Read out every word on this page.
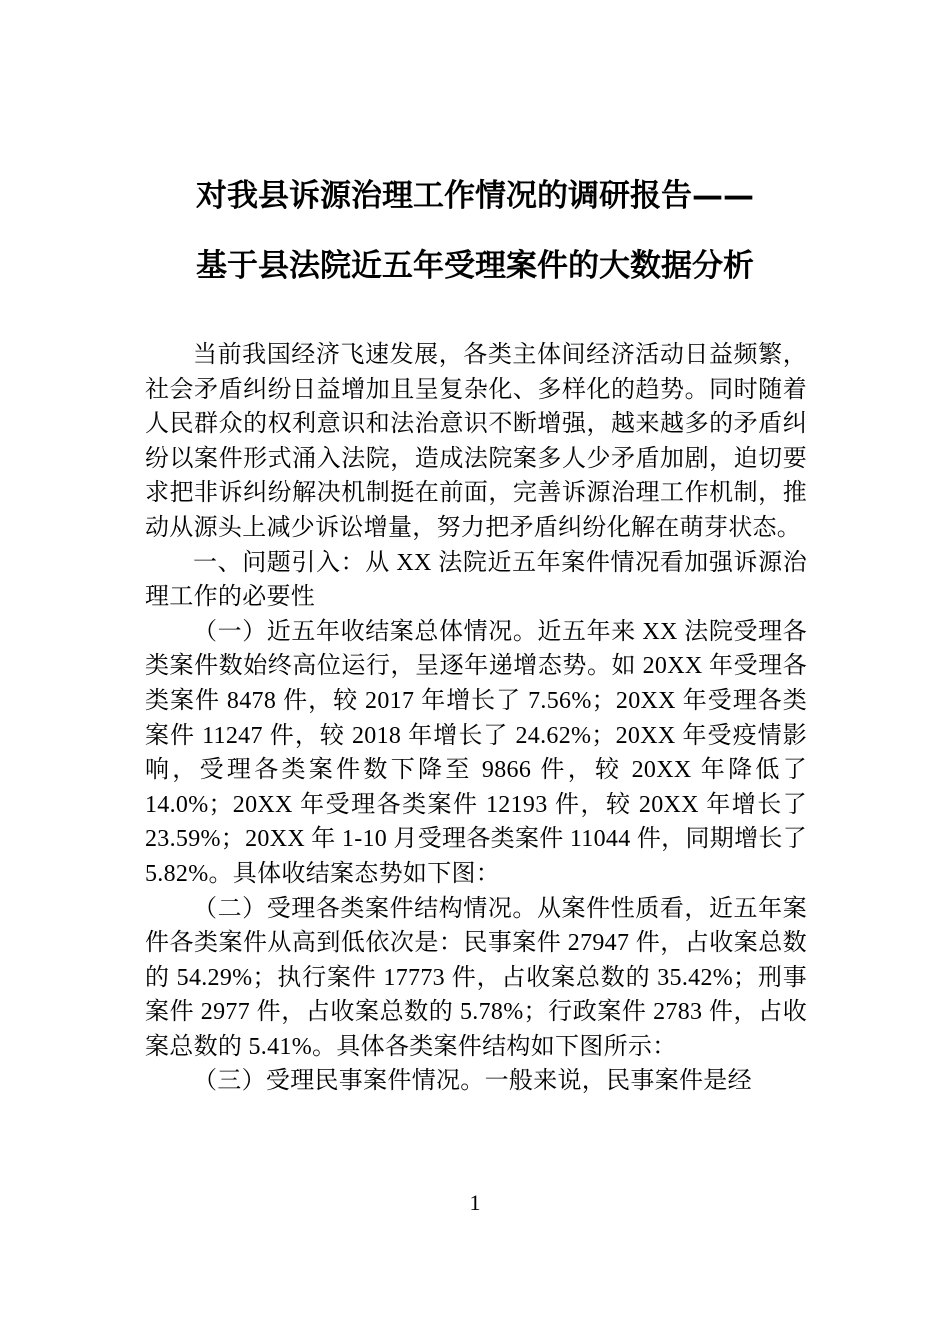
对我县诉源治理工作情况的调研报告——
基于县法院近五年受理案件的大数据分析

当前我国经济飞速发展，各类主体间经济活动日益频繁，社会矛盾纠纷日益增加且呈复杂化、多样化的趋势。同时随着人民群众的权利意识和法治意识不断增强，越来越多的矛盾纠纷以案件形式涌入法院，造成法院案多人少矛盾加剧，迫切要求把非诉纠纷解决机制挺在前面，完善诉源治理工作机制，推动从源头上减少诉讼增量，努力把矛盾纠纷化解在萌芽状态。

一、问题引入：从 XX 法院近五年案件情况看加强诉源治理工作的必要性

（一）近五年收结案总体情况。近五年来 XX 法院受理各类案件数始终高位运行，呈逐年递增态势。如 20XX 年受理各类案件 8478 件，较 2017 年增长了 7.56%；20XX 年受理各类案件 11247 件，较 2018 年增长了 24.62%；20XX 年受疫情影响，受理各类案件数下降至 9866 件，较 20XX 年降低了 14.0%；20XX 年受理各类案件 12193 件，较 20XX 年增长了 23.59%；20XX 年 1-10 月受理各类案件 11044 件，同期增长了 5.82%。具体收结案态势如下图：

（二）受理各类案件结构情况。从案件性质看，近五年案件各类案件从高到低依次是：民事案件 27947 件，占收案总数的 54.29%；执行案件 17773 件，占收案总数的 35.42%；刑事案件 2977 件，占收案总数的 5.78%；行政案件 2783 件，占收案总数的 5.41%。具体各类案件结构如下图所示：

（三）受理民事案件情况。一般来说，民事案件是经

1
